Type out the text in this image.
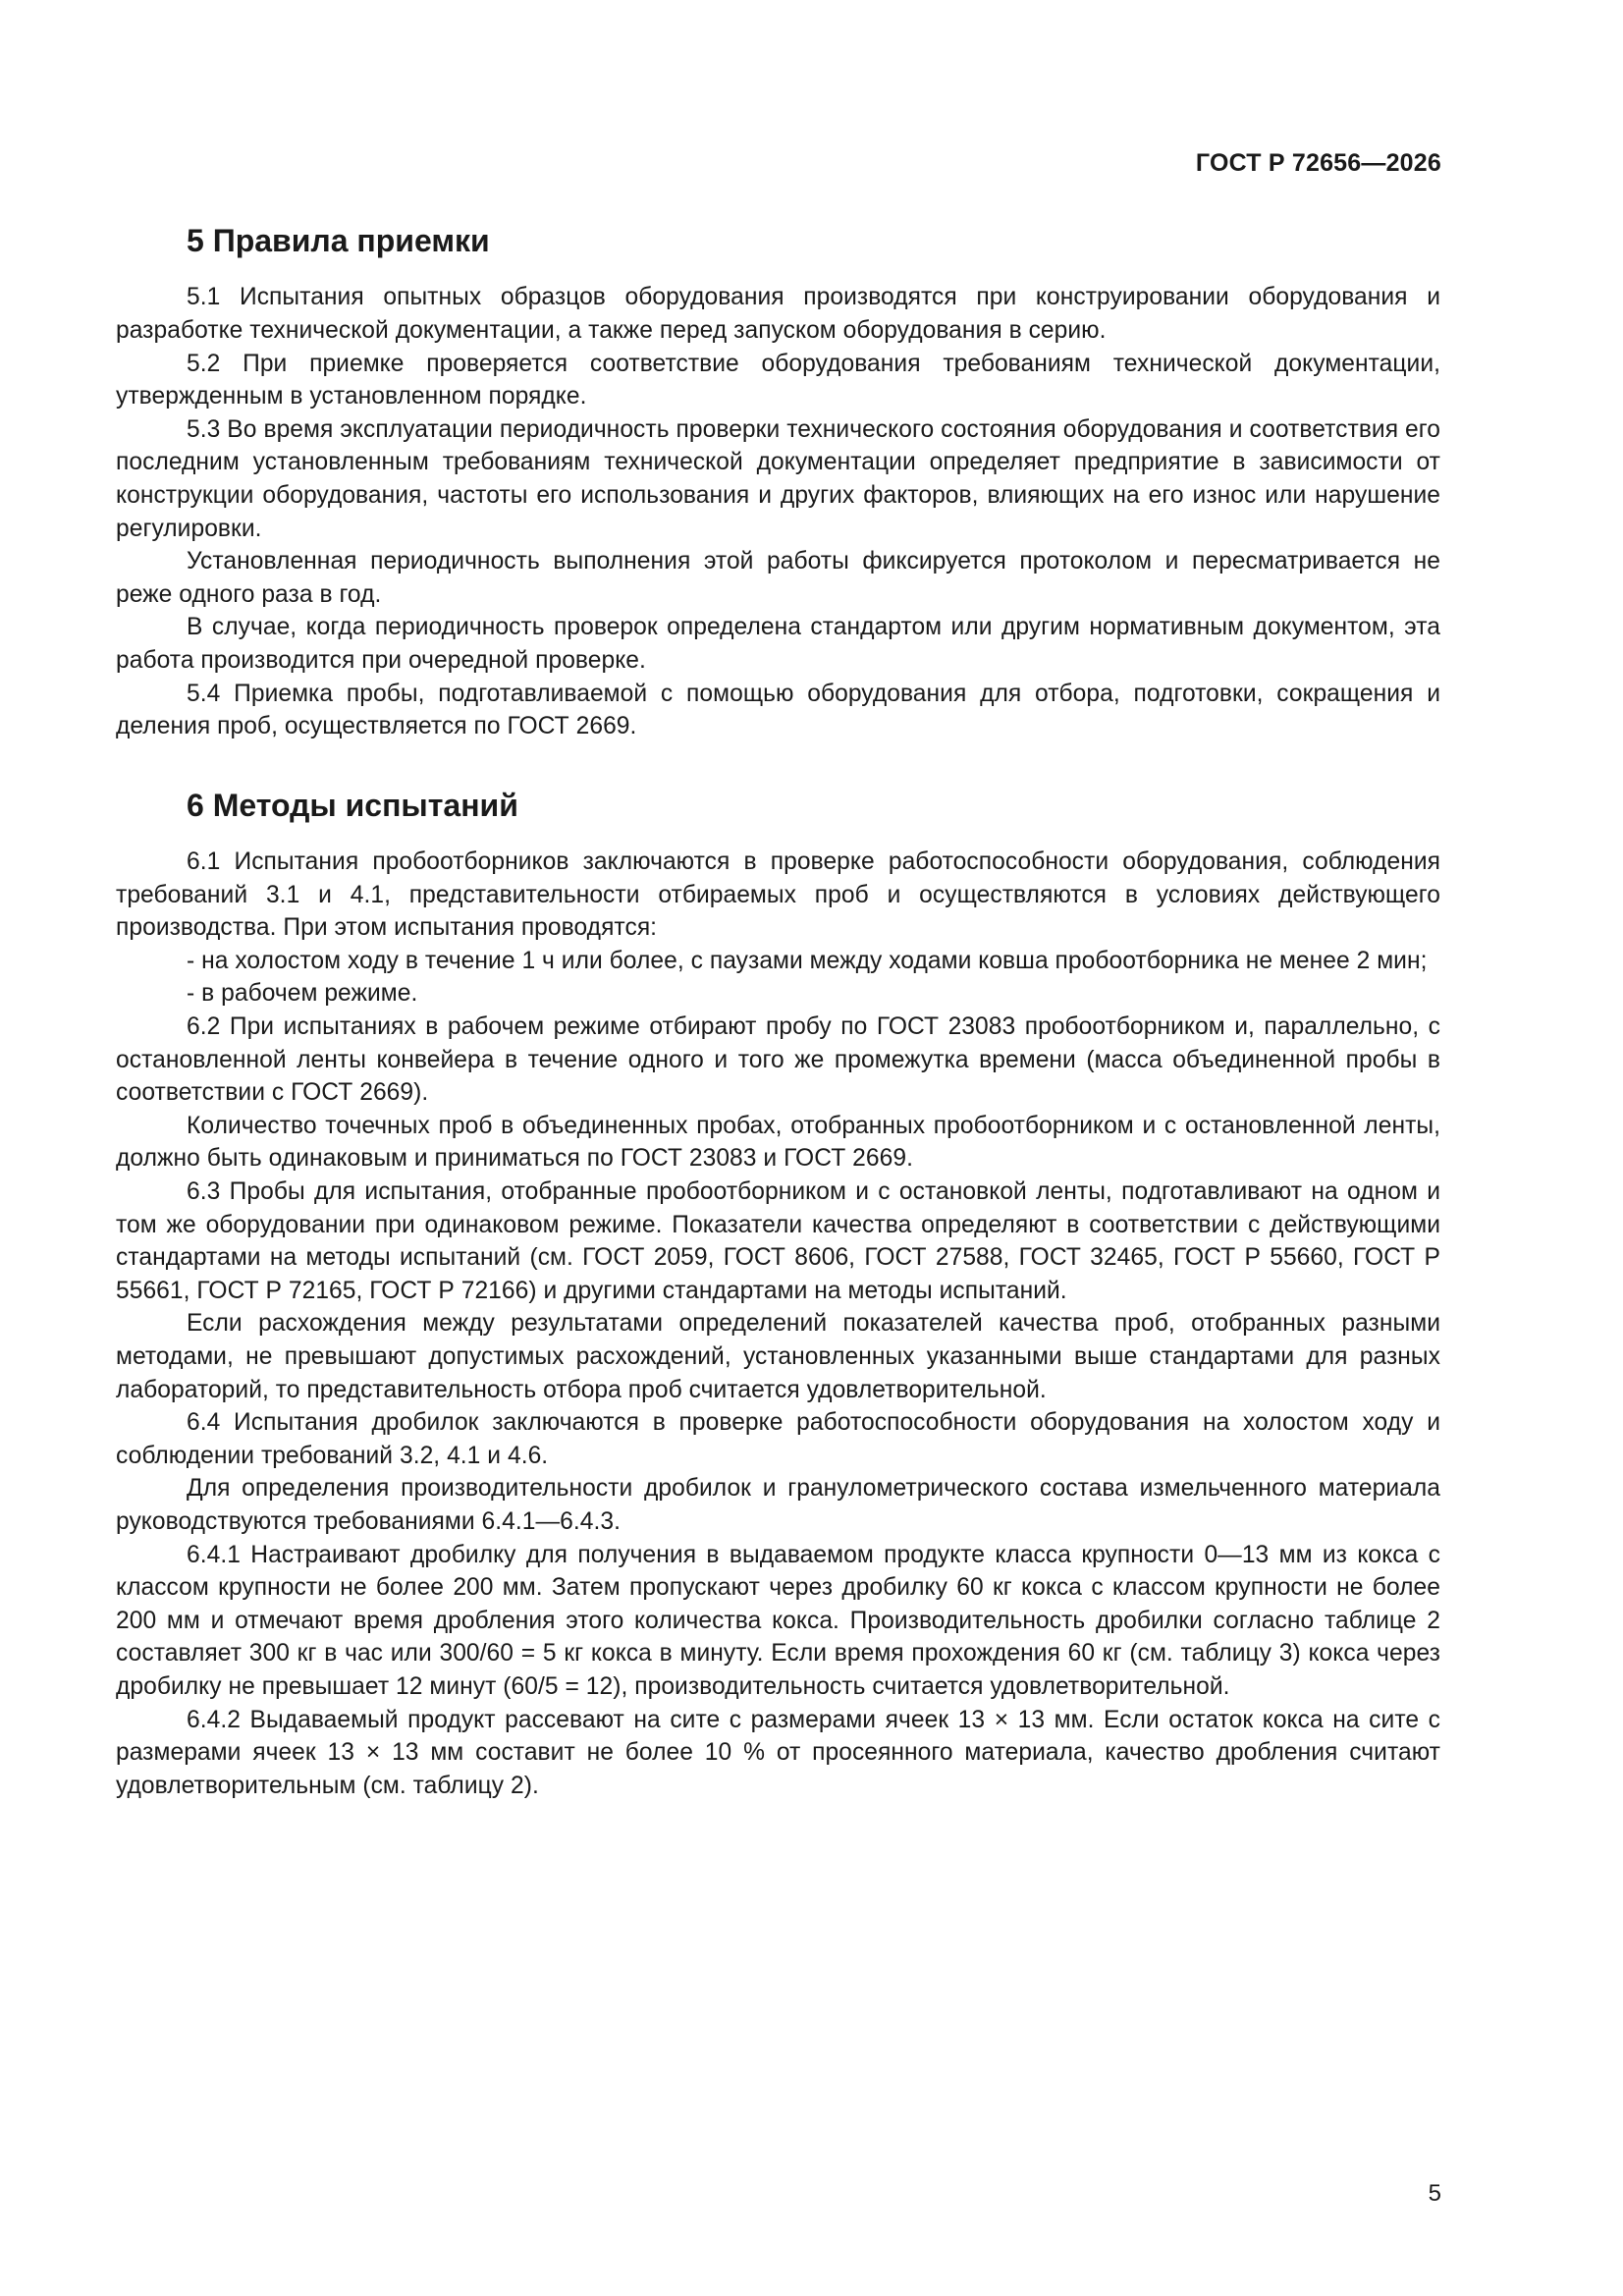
ГОСТ Р 72656—2026
5 Правила приемки

5.1 Испытания опытных образцов оборудования производятся при конструировании оборудования и разработке технической документации, а также перед запуском оборудования в серию.

5.2 При приемке проверяется соответствие оборудования требованиям технической документации, утвержденным в установленном порядке.

5.3 Во время эксплуатации периодичность проверки технического состояния оборудования и соответствия его последним установленным требованиям технической документации определяет предприятие в зависимости от конструкции оборудования, частоты его использования и других факторов, влияющих на его износ или нарушение регулировки.

Установленная периодичность выполнения этой работы фиксируется протоколом и пересматривается не реже одного раза в год.

В случае, когда периодичность проверок определена стандартом или другим нормативным документом, эта работа производится при очередной проверке.

5.4 Приемка пробы, подготавливаемой с помощью оборудования для отбора, подготовки, сокращения и деления проб, осуществляется по ГОСТ 2669.

6 Методы испытаний

6.1 Испытания пробоотборников заключаются в проверке работоспособности оборудования, соблюдения требований 3.1 и 4.1, представительности отбираемых проб и осуществляются в условиях действующего производства. При этом испытания проводятся:

- на холостом ходу в течение 1 ч или более, с паузами между ходами ковша пробоотборника не менее 2 мин;

- в рабочем режиме.

6.2 При испытаниях в рабочем режиме отбирают пробу по ГОСТ 23083 пробоотборником и, параллельно, с остановленной ленты конвейера в течение одного и того же промежутка времени (масса объединенной пробы в соответствии с ГОСТ 2669).

Количество точечных проб в объединенных пробах, отобранных пробоотборником и с остановленной ленты, должно быть одинаковым и приниматься по ГОСТ 23083 и ГОСТ 2669.

6.3 Пробы для испытания, отобранные пробоотборником и с остановкой ленты, подготавливают на одном и том же оборудовании при одинаковом режиме. Показатели качества определяют в соответствии с действующими стандартами на методы испытаний (см. ГОСТ 2059, ГОСТ 8606, ГОСТ 27588, ГОСТ 32465, ГОСТ Р 55660, ГОСТ Р 55661, ГОСТ Р 72165, ГОСТ Р 72166) и другими стандартами на методы испытаний.

Если расхождения между результатами определений показателей качества проб, отобранных разными методами, не превышают допустимых расхождений, установленных указанными выше стандартами для разных лабораторий, то представительность отбора проб считается удовлетворительной.

6.4 Испытания дробилок заключаются в проверке работоспособности оборудования на холостом ходу и соблюдении требований 3.2, 4.1 и 4.6.

Для определения производительности дробилок и гранулометрического состава измельченного материала руководствуются требованиями 6.4.1—6.4.3.

6.4.1 Настраивают дробилку для получения в выдаваемом продукте класса крупности 0—13 мм из кокса с классом крупности не более 200 мм. Затем пропускают через дробилку 60 кг кокса с классом крупности не более 200 мм и отмечают время дробления этого количества кокса. Производительность дробилки согласно таблице 2 составляет 300 кг в час или 300/60 = 5 кг кокса в минуту. Если время прохождения 60 кг (см. таблицу 3) кокса через дробилку не превышает 12 минут (60/5 = 12), производительность считается удовлетворительной.

6.4.2 Выдаваемый продукт рассевают на сите с размерами ячеек 13 × 13 мм. Если остаток кокса на сите с размерами ячеек 13 × 13 мм составит не более 10 % от просеянного материала, качество дробления считают удовлетворительным (см. таблицу 2).

5
